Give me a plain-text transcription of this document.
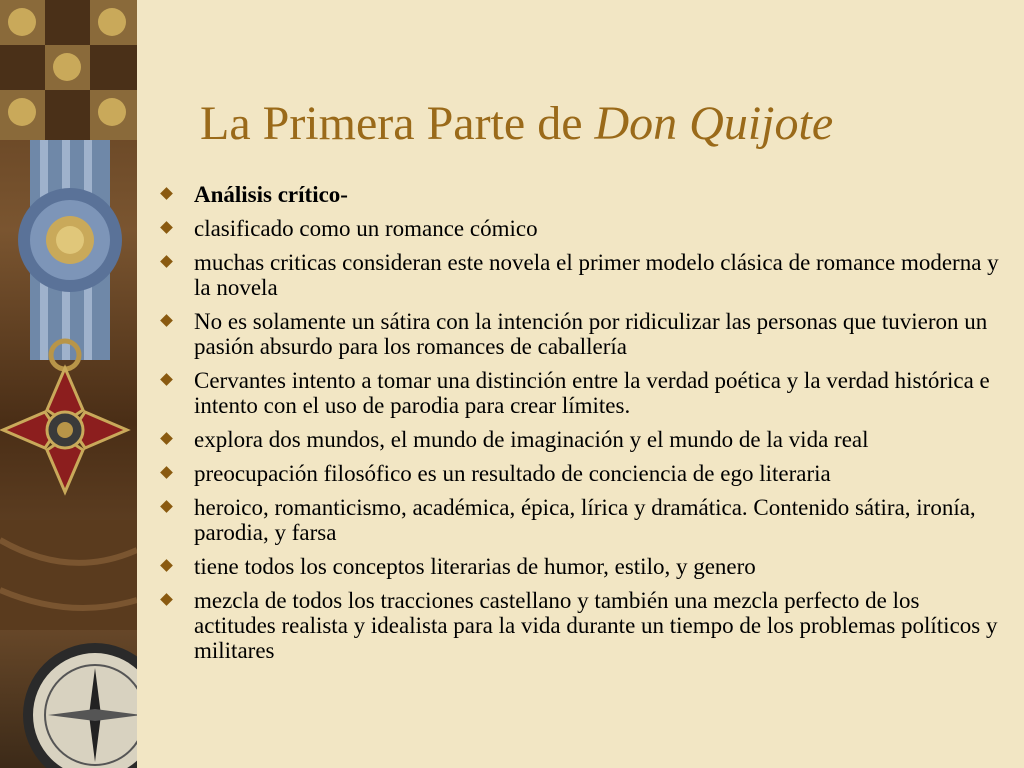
La Primera Parte de Don Quijote
Análisis crítico-
clasificado como un romance cómico
muchas criticas consideran este novela el primer modelo clásica de romance moderna y la novela
No es solamente un sátira con la intención por ridiculizar las personas que tuvieron un pasión absurdo para los romances de caballería
Cervantes intento a tomar una distinción entre la verdad poética y la verdad histórica e intento con el uso de parodia para crear límites.
explora dos mundos, el mundo de imaginación y el mundo de la vida real
preocupación filosófico es un resultado de conciencia de ego literaria
heroico, romanticismo, académica, épica, lírica y dramática. Contenido sátira, ironía, parodia, y farsa
tiene todos los conceptos literarias de humor, estilo, y genero
mezcla de todos los tracciones castellano y también una mezcla perfecto de los actitudes realista y idealista para la vida durante un tiempo de los problemas políticos y militares
